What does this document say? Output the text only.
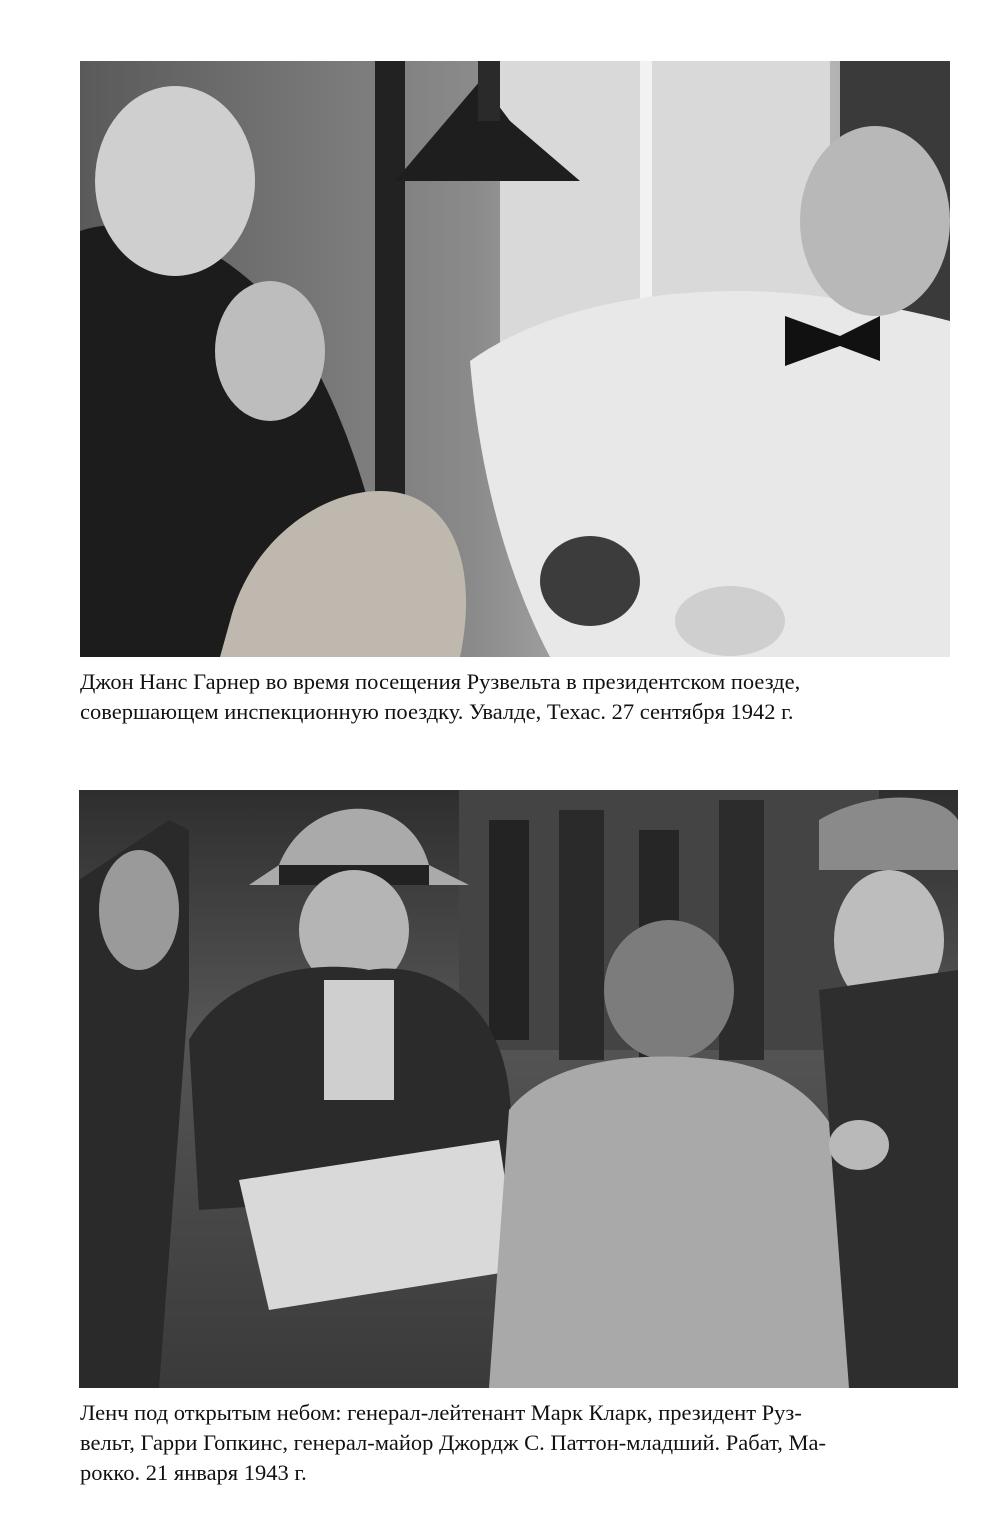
Джон Нанс Гарнер во время посещения Рузвельта в президентском поезде,
совершающем инспекционную поездку. Увалде, Техас. 27 сентября 1942 г.
Ленч под открытым небом: генерал-лейтенант Марк Кларк, президент Руз-
вельт, Гарри Гопкинс, генерал-майор Джордж С. Паттон-младший. Рабат, Ма-
рокко. 21 января 1943 г.
